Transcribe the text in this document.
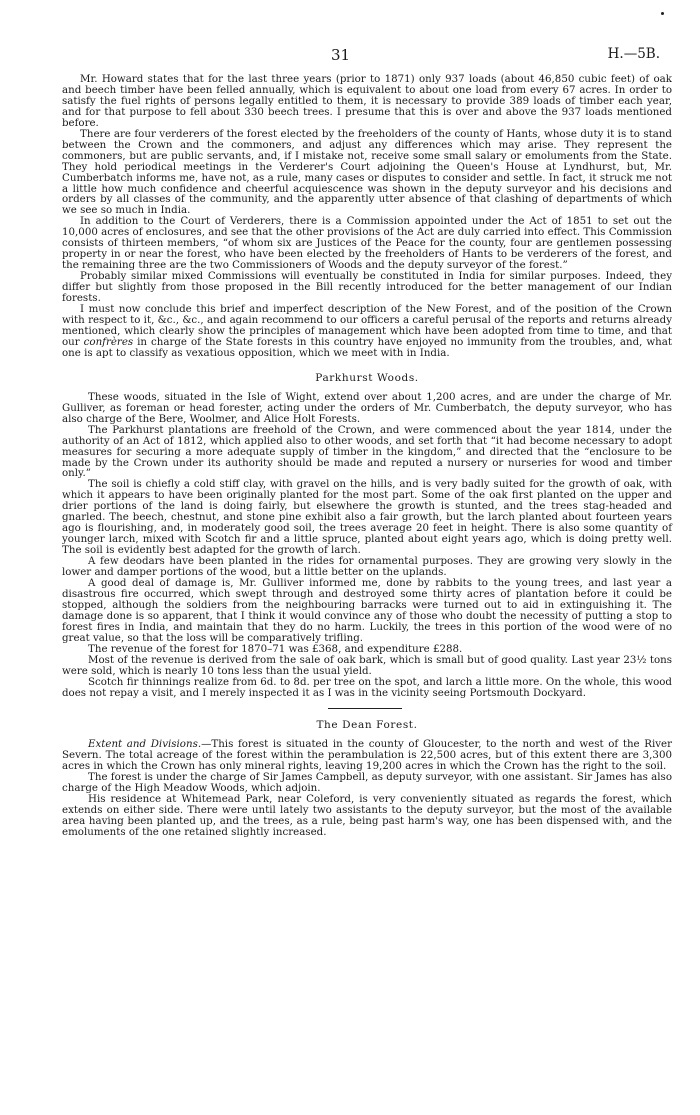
31	H.—5B.

Mr. Howard states that for the last three years (prior to 1871) only 937 loads (about 46,850 cubic feet) of oak and beech timber have been felled annually, which is equivalent to about one load from every 67 acres. In order to satisfy the fuel rights of persons legally entitled to them, it is necessary to provide 389 loads of timber each year, and for that purpose to fell about 330 beech trees. I presume that this is over and above the 937 loads mentioned before.

There are four verderers of the forest elected by the freeholders of the county of Hants, whose duty it is to stand between the Crown and the commoners, and adjust any differences which may arise. They represent the commoners, but are public servants, and, if I mistake not, receive some small salary or emoluments from the State. They hold periodical meetings in the Verderer's Court adjoining the Queen's House at Lyndhurst, but, Mr. Cumberbatch informs me, have not, as a rule, many cases or disputes to consider and settle. In fact, it struck me not a little how much confidence and cheerful acquiescence was shown in the deputy surveyor and his decisions and orders by all classes of the community, and the apparently utter absence of that clashing of departments of which we see so much in India.

In addition to the Court of Verderers, there is a Commission appointed under the Act of 1851 to set out the 10,000 acres of enclosures, and see that the other provisions of the Act are duly carried into effect. This Commission consists of thirteen members, “of whom six are Justices of the Peace for the county, four are gentlemen possessing property in or near the forest, who have been elected by the freeholders of Hants to be verderers of the forest, and the remaining three are the two Commissioners of Woods and the deputy surveyor of the forest.”

Probably similar mixed Commissions will eventually be constituted in India for similar purposes. Indeed, they differ but slightly from those proposed in the Bill recently introduced for the better management of our Indian forests.

I must now conclude this brief and imperfect description of the New Forest, and of the position of the Crown with respect to it, &c., &c., and again recommend to our officers a careful perusal of the reports and returns already mentioned, which clearly show the principles of management which have been adopted from time to time, and that our confrères in charge of the State forests in this country have enjoyed no immunity from the troubles, and, what one is apt to classify as vexatious opposition, which we meet with in India.

Parkhurst Woods.

These woods, situated in the Isle of Wight, extend over about 1,200 acres, and are under the charge of Mr. Gulliver, as foreman or head forester, acting under the orders of Mr. Cumberbatch, the deputy surveyor, who has also charge of the Bere, Woolmer, and Alice Holt Forests.

The Parkhurst plantations are freehold of the Crown, and were commenced about the year 1814, under the authority of an Act of 1812, which applied also to other woods, and set forth that “it had become necessary to adopt measures for securing a more adequate supply of timber in the kingdom,” and directed that the “enclosure to be made by the Crown under its authority should be made and reputed a nursery or nurseries for wood and timber only.”

The soil is chiefly a cold stiff clay, with gravel on the hills, and is very badly suited for the growth of oak, with which it appears to have been originally planted for the most part. Some of the oak first planted on the upper and drier portions of the land is doing fairly, but elsewhere the growth is stunted, and the trees stag-headed and gnarled. The beech, chestnut, and stone pine exhibit also a fair growth, but the larch planted about fourteen years ago is flourishing, and, in moderately good soil, the trees average 20 feet in height. There is also some quantity of younger larch, mixed with Scotch fir and a little spruce, planted about eight years ago, which is doing pretty well. The soil is evidently best adapted for the growth of larch.

A few deodars have been planted in the rides for ornamental purposes. They are growing very slowly in the lower and damper portions of the wood, but a little better on the uplands.

A good deal of damage is, Mr. Gulliver informed me, done by rabbits to the young trees, and last year a disastrous fire occurred, which swept through and destroyed some thirty acres of plantation before it could be stopped, although the soldiers from the neighbouring barracks were turned out to aid in extinguishing it. The damage done is so apparent, that I think it would convince any of those who doubt the necessity of putting a stop to forest fires in India, and maintain that they do no harm. Luckily, the trees in this portion of the wood were of no great value, so that the loss will be comparatively trifling.

The revenue of the forest for 1870–71 was £368, and expenditure £288.

Most of the revenue is derived from the sale of oak bark, which is small but of good quality. Last year 23½ tons were sold, which is nearly 10 tons less than the usual yield.

Scotch fir thinnings realize from 6d. to 8d. per tree on the spot, and larch a little more. On the whole, this wood does not repay a visit, and I merely inspected it as I was in the vicinity seeing Portsmouth Dockyard.

The Dean Forest.

Extent and Divisions.—This forest is situated in the county of Gloucester, to the north and west of the River Severn. The total acreage of the forest within the perambulation is 22,500 acres, but of this extent there are 3,300 acres in which the Crown has only mineral rights, leaving 19,200 acres in which the Crown has the right to the soil.

The forest is under the charge of Sir James Campbell, as deputy surveyor, with one assistant. Sir James has also charge of the High Meadow Woods, which adjoin.

His residence at Whitemead Park, near Coleford, is very conveniently situated as regards the forest, which extends on either side. There were until lately two assistants to the deputy surveyor, but the most of the available area having been planted up, and the trees, as a rule, being past harm's way, one has been dispensed with, and the emoluments of the one retained slightly increased.
